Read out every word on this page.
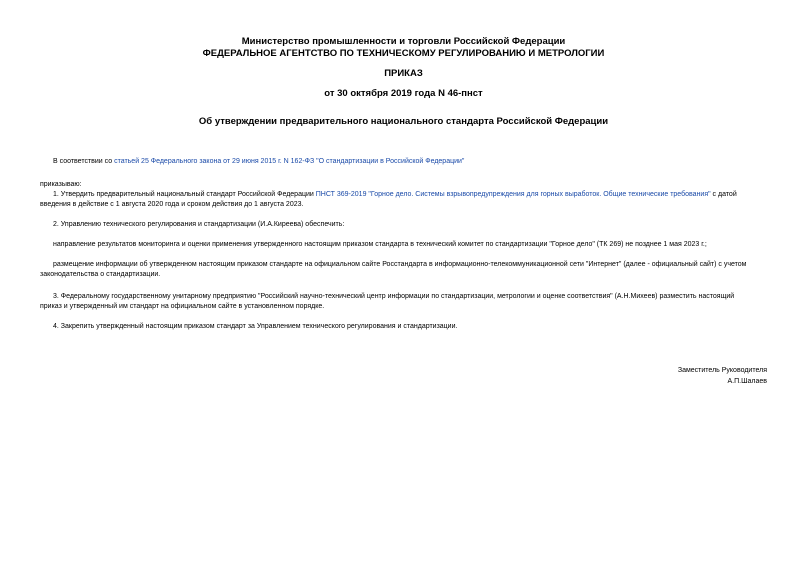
Министерство промышленности и торговли Российской Федерации
ФЕДЕРАЛЬНОЕ АГЕНТСТВО ПО ТЕХНИЧЕСКОМУ РЕГУЛИРОВАНИЮ И МЕТРОЛОГИИ
ПРИКАЗ
от 30 октября 2019 года N 46-пнст
Об утверждении предварительного национального стандарта Российской Федерации

В соответствии со статьей 25 Федерального закона от 29 июня 2015 г. N 162-ФЗ "О стандартизации в Российской Федерации"

приказываю:

1. Утвердить предварительный национальный стандарт Российской Федерации ПНСТ 369-2019 "Горное дело. Системы взрывопредупреждения для горных выработок. Общие технические требования" с датой

введения в действие с 1 августа 2020 года и сроком действия до 1 августа 2023.

2. Управлению технического регулирования и стандартизации (И.А.Киреева) обеспечить:

направление результатов мониторинга и оценки применения утвержденного настоящим приказом стандарта в технический комитет по стандартизации "Горное дело" (ТК 269) не позднее 1 мая 2023 г.;

размещение информации об утвержденном настоящим приказом стандарте на официальном сайте Росстандарта в информационно-телекоммуникационной сети "Интернет" (далее - официальный сайт) с учетом

законодательства о стандартизации.

3. Федеральному государственному унитарному предприятию "Российский научно-технический центр информации по стандартизации, метрологии и оценке соответствия" (А.Н.Михеев) разместить настоящий

приказ и утвержденный им стандарт на официальном сайте в установленном порядке.

4. Закрепить утвержденный настоящим приказом стандарт за Управлением технического регулирования и стандартизации.

Заместитель Руководителя

А.П.Шалаев
